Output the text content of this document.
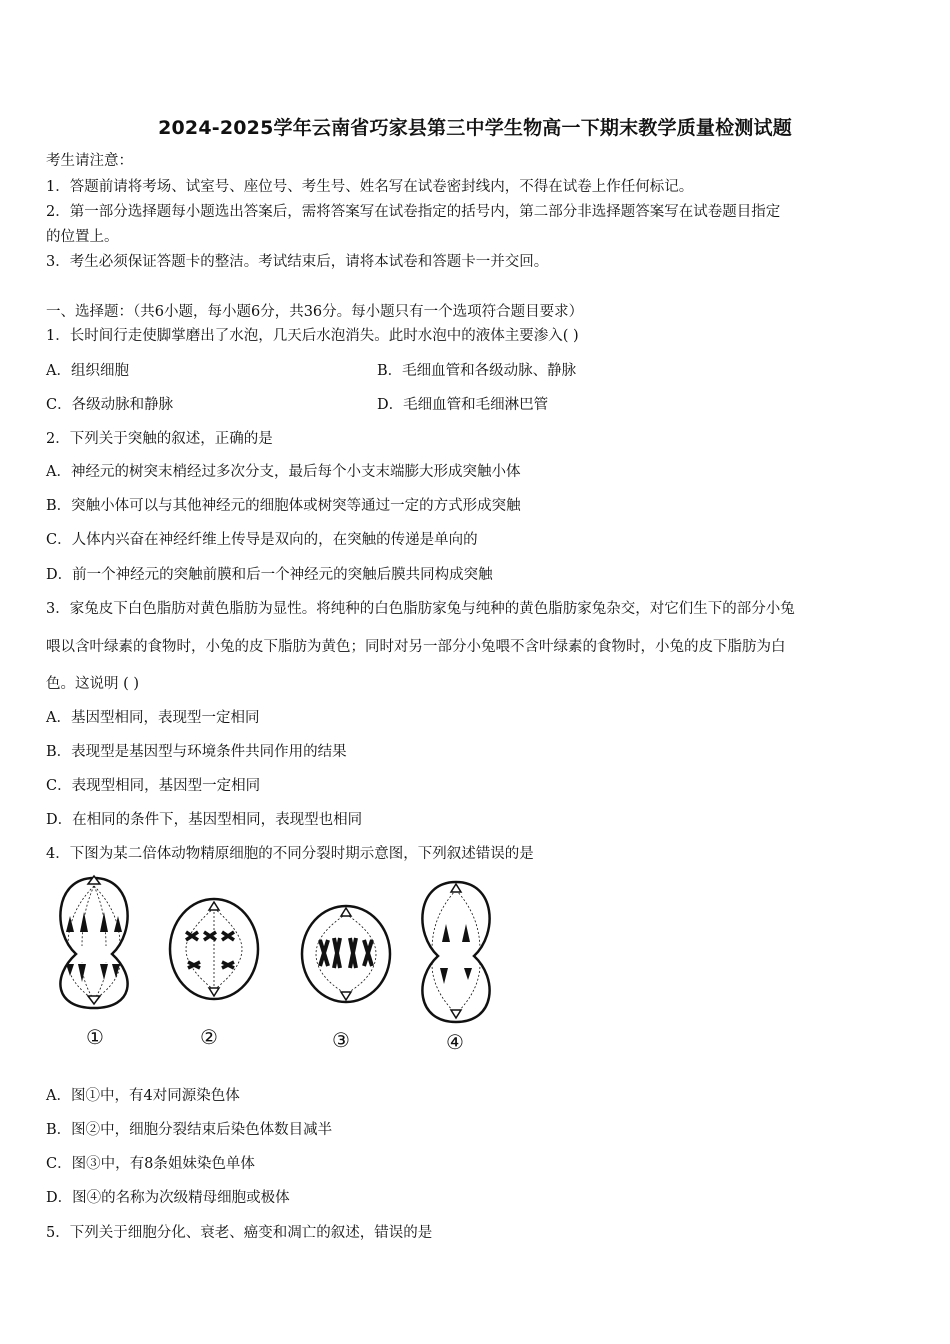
2024-2025学年云南省巧家县第三中学生物高一下期末教学质量检测试题
考生请注意：
1．答题前请将考场、试室号、座位号、考生号、姓名写在试卷密封线内，不得在试卷上作任何标记。
2．第一部分选择题每小题选出答案后，需将答案写在试卷指定的括号内，第二部分非选择题答案写在试卷题目指定
的位置上。
3．考生必须保证答题卡的整洁。考试结束后，请将本试卷和答题卡一并交回。
一、选择题：（共6小题，每小题6分，共36分。每小题只有一个选项符合题目要求）
1．长时间行走使脚掌磨出了水泡，几天后水泡消失。此时水泡中的液体主要渗入( )
A．组织细胞	B．毛细血管和各级动脉、静脉
C．各级动脉和静脉	D．毛细血管和毛细淋巴管
2．下列关于突触的叙述，正确的是
A．神经元的树突末梢经过多次分支，最后每个小支末端膨大形成突触小体
B．突触小体可以与其他神经元的细胞体或树突等通过一定的方式形成突触
C．人体内兴奋在神经纤维上传导是双向的，在突触的传递是单向的
D．前一个神经元的突触前膜和后一个神经元的突触后膜共同构成突触
3．家兔皮下白色脂肪对黄色脂肪为显性。将纯种的白色脂肪家兔与纯种的黄色脂肪家兔杂交，对它们生下的部分小兔
喂以含叶绿素的食物时，小兔的皮下脂肪为黄色；同时对另一部分小兔喂不含叶绿素的食物时，小兔的皮下脂肪为白
色。这说明 ( )
A．基因型相同，表现型一定相同
B．表现型是基因型与环境条件共同作用的结果
C．表现型相同，基因型一定相同
D．在相同的条件下，基因型相同，表现型也相同
4．下图为某二倍体动物精原细胞的不同分裂时期示意图，下列叙述错误的是
①	②	③	④
A．图①中，有4对同源染色体
B．图②中，细胞分裂结束后染色体数目减半
C．图③中，有8条姐妹染色单体
D．图④的名称为次级精母细胞或极体
5．下列关于细胞分化、衰老、癌变和凋亡的叙述，错误的是
